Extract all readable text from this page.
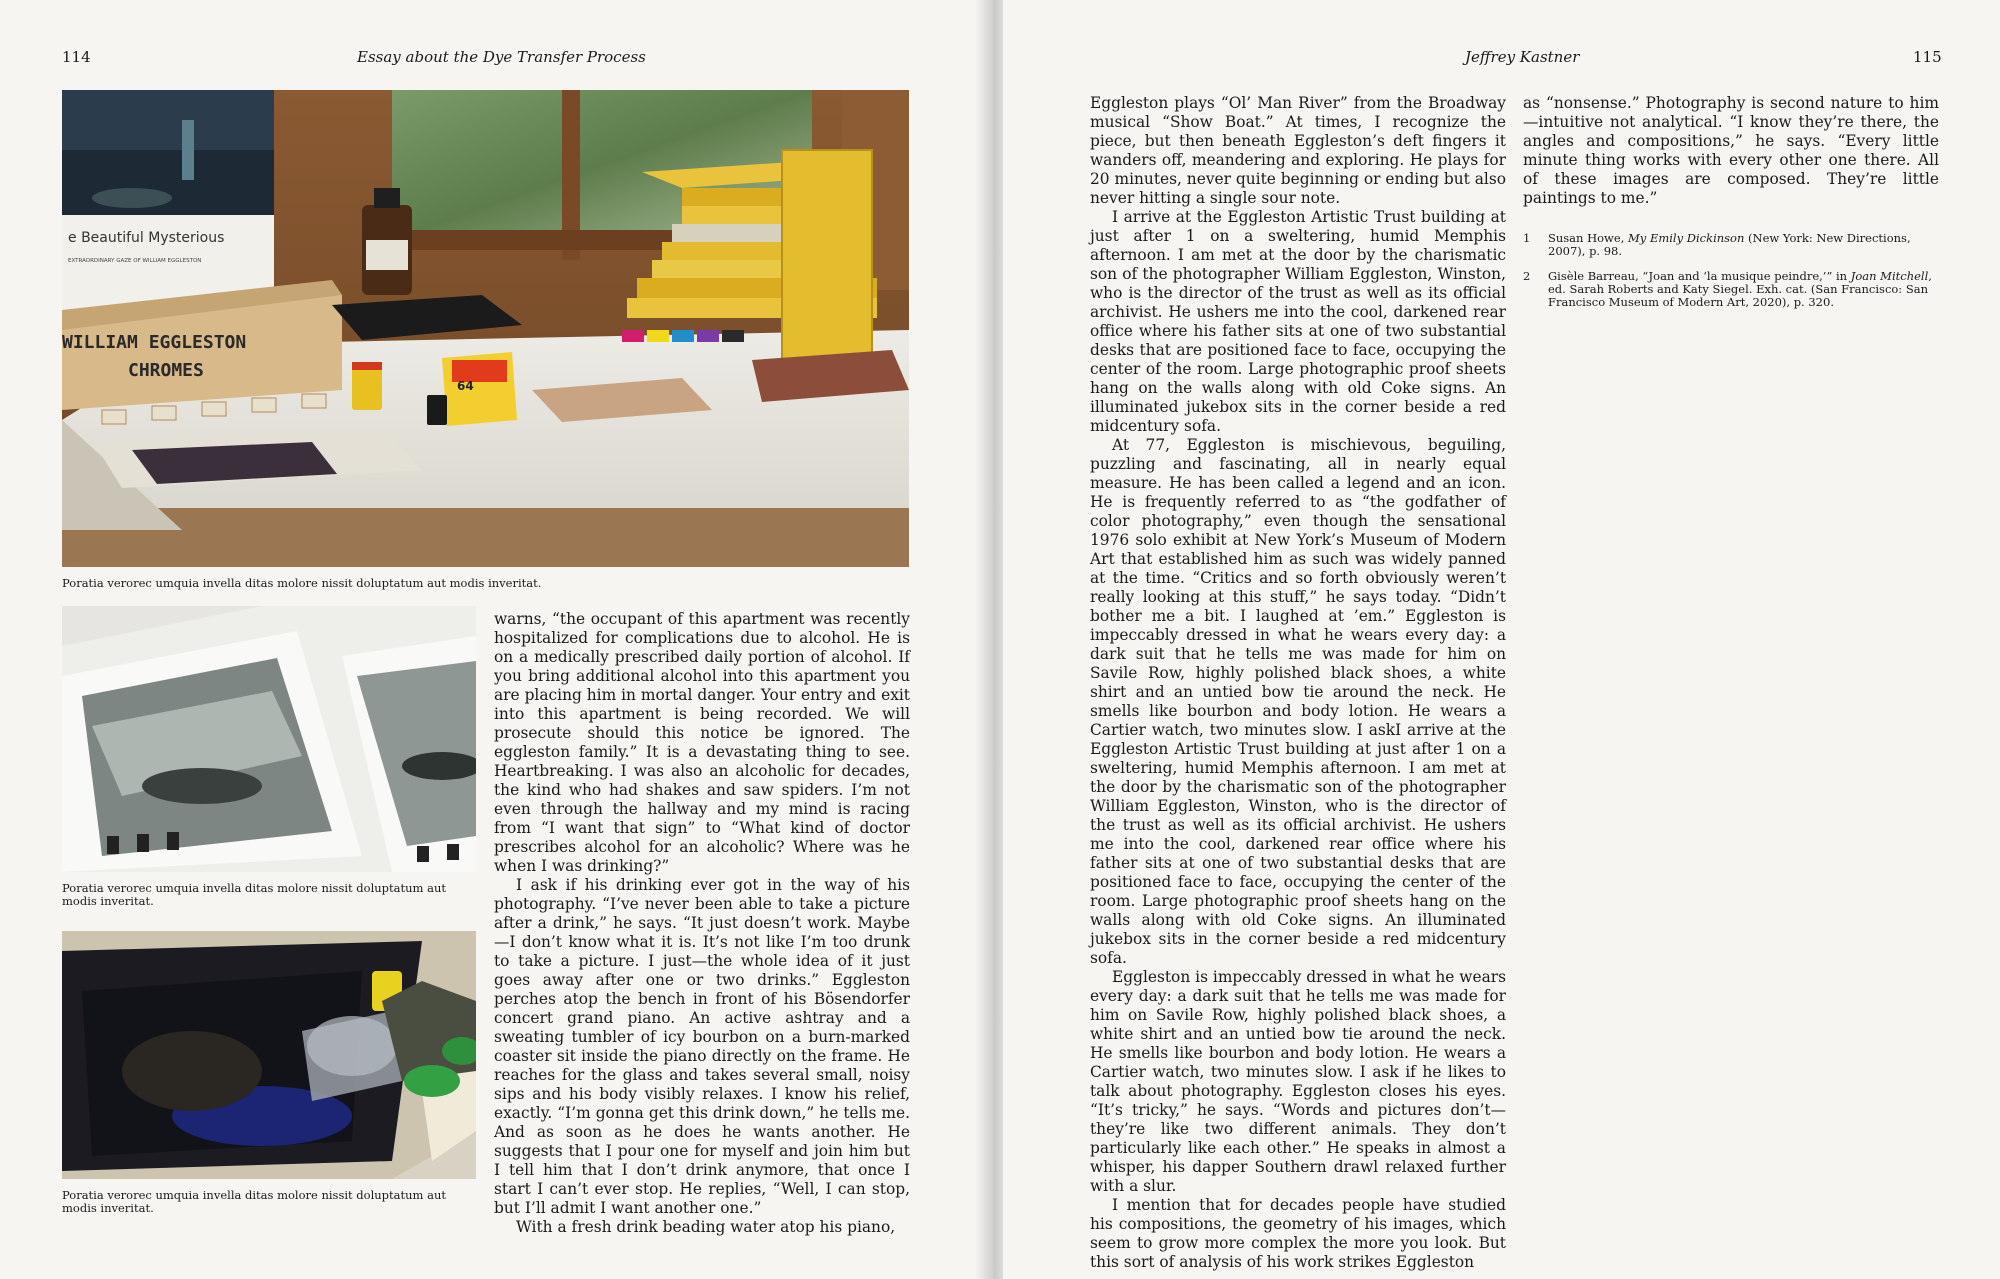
114	Essay about the Dye Transfer Process
e Beautiful Mysterious
EXTRAORDINARY GAZE OF WILLIAM EGGLESTON
WILLIAM EGGLESTON
CHROMES
64
Poratia verorec umquia invella ditas molore nissit doluptatum aut modis inveritat.
Poratia verorec umquia invella ditas molore nissit doluptatum aut modis inveritat.
Poratia verorec umquia invella ditas molore nissit doluptatum aut modis inveritat.

warns, “the occupant of this apartment was recently hospitalized for complications due to alcohol. He is on a medically prescribed daily portion of alcohol. If you bring additional alcohol into this apartment you are placing him in mortal danger. Your entry and exit into this apartment is being recorded. We will prosecute should this notice be ignored. The eggleston family.” It is a devastating thing to see. Heartbreaking. I was also an alcoholic for decades, the kind who had shakes and saw spiders. I’m not even through the hallway and my mind is racing from “I want that sign” to “What kind of doctor prescribes alcohol for an alcoholic? Where was he when I was drinking?”

I ask if his drinking ever got in the way of his photography. “I’ve never been able to take a picture after a drink,” he says. “It just doesn’t work. Maybe—I don’t know what it is. It’s not like I’m too drunk to take a picture. I just—the whole idea of it just goes away after one or two drinks.” Eggleston perches atop the bench in front of his Bösendorfer concert grand piano. An active ashtray and a sweating tumbler of icy bourbon on a burn-marked coaster sit inside the piano directly on the frame. He reaches for the glass and takes several small, noisy sips and his body visibly relaxes. I know his relief, exactly. “I’m gonna get this drink down,” he tells me. And as soon as he does he wants another. He suggests that I pour one for myself and join him but I tell him that I don’t drink anymore, that once I start I can’t ever stop. He replies, “Well, I can stop, but I’ll admit I want another one.”

With a fresh drink beading water atop his piano,

Jeffrey Kastner	115

Eggleston plays “Ol’ Man River” from the Broadway musical “Show Boat.” At times, I recognize the piece, but then beneath Eggleston’s deft fingers it wanders off, meandering and exploring. He plays for 20 minutes, never quite beginning or ending but also never hitting a single sour note.

I arrive at the Eggleston Artistic Trust building at just after 1 on a sweltering, humid Memphis afternoon. I am met at the door by the charismatic son of the photographer William Eggleston, Winston, who is the director of the trust as well as its official archivist. He ushers me into the cool, darkened rear office where his father sits at one of two substantial desks that are positioned face to face, occupying the center of the room. Large photographic proof sheets hang on the walls along with old Coke signs. An illuminated jukebox sits in the corner beside a red midcentury sofa.

At 77, Eggleston is mischievous, beguiling, puzzling and fascinating, all in nearly equal measure. He has been called a legend and an icon. He is frequently referred to as “the godfather of color photography,” even though the sensational 1976 solo exhibit at New York’s Museum of Modern Art that established him as such was widely panned at the time. “Critics and so forth obviously weren’t really looking at this stuff,” he says today. “Didn’t bother me a bit. I laughed at ’em.” Eggleston is impeccably dressed in what he wears every day: a dark suit that he tells me was made for him on Savile Row, highly polished black shoes, a white shirt and an untied bow tie around the neck. He smells like bourbon and body lotion. He wears a Cartier watch, two minutes slow. I askI arrive at the Eggleston Artistic Trust building at just after 1 on a sweltering, humid Memphis afternoon. I am met at the door by the charismatic son of the photographer William Eggleston, Winston, who is the director of the trust as well as its official archivist. He ushers me into the cool, darkened rear office where his father sits at one of two substantial desks that are positioned face to face, occupying the center of the room. Large photographic proof sheets hang on the walls along with old Coke signs. An illuminated jukebox sits in the corner beside a red midcentury sofa.

Eggleston is impeccably dressed in what he wears every day: a dark suit that he tells me was made for him on Savile Row, highly polished black shoes, a white shirt and an untied bow tie around the neck. He smells like bourbon and body lotion. He wears a Cartier watch, two minutes slow. I ask if he likes to talk about photography. Eggleston closes his eyes. “It’s tricky,” he says. “Words and pictures don’t—they’re like two different animals. They don’t particularly like each other.” He speaks in almost a whisper, his dapper Southern drawl relaxed further with a slur.

I mention that for decades people have studied his compositions, the geometry of his images, which seem to grow more complex the more you look. But this sort of analysis of his work strikes Eggleston

as “nonsense.” Photography is second nature to him—intuitive not analytical. “I know they’re there, the angles and compositions,” he says. “Every little minute thing works with every other one there. All of these images are composed. They’re little paintings to me.”

1	Susan Howe, My Emily Dickinson (New York: New Directions, 2007), p. 98.
2	Gisèle Barreau, “Joan and ‘la musique peindre,’” in Joan Mitchell, ed. Sarah Roberts and Katy Siegel. Exh. cat. (San Francisco: San Francisco Museum of Modern Art, 2020), p. 320.
